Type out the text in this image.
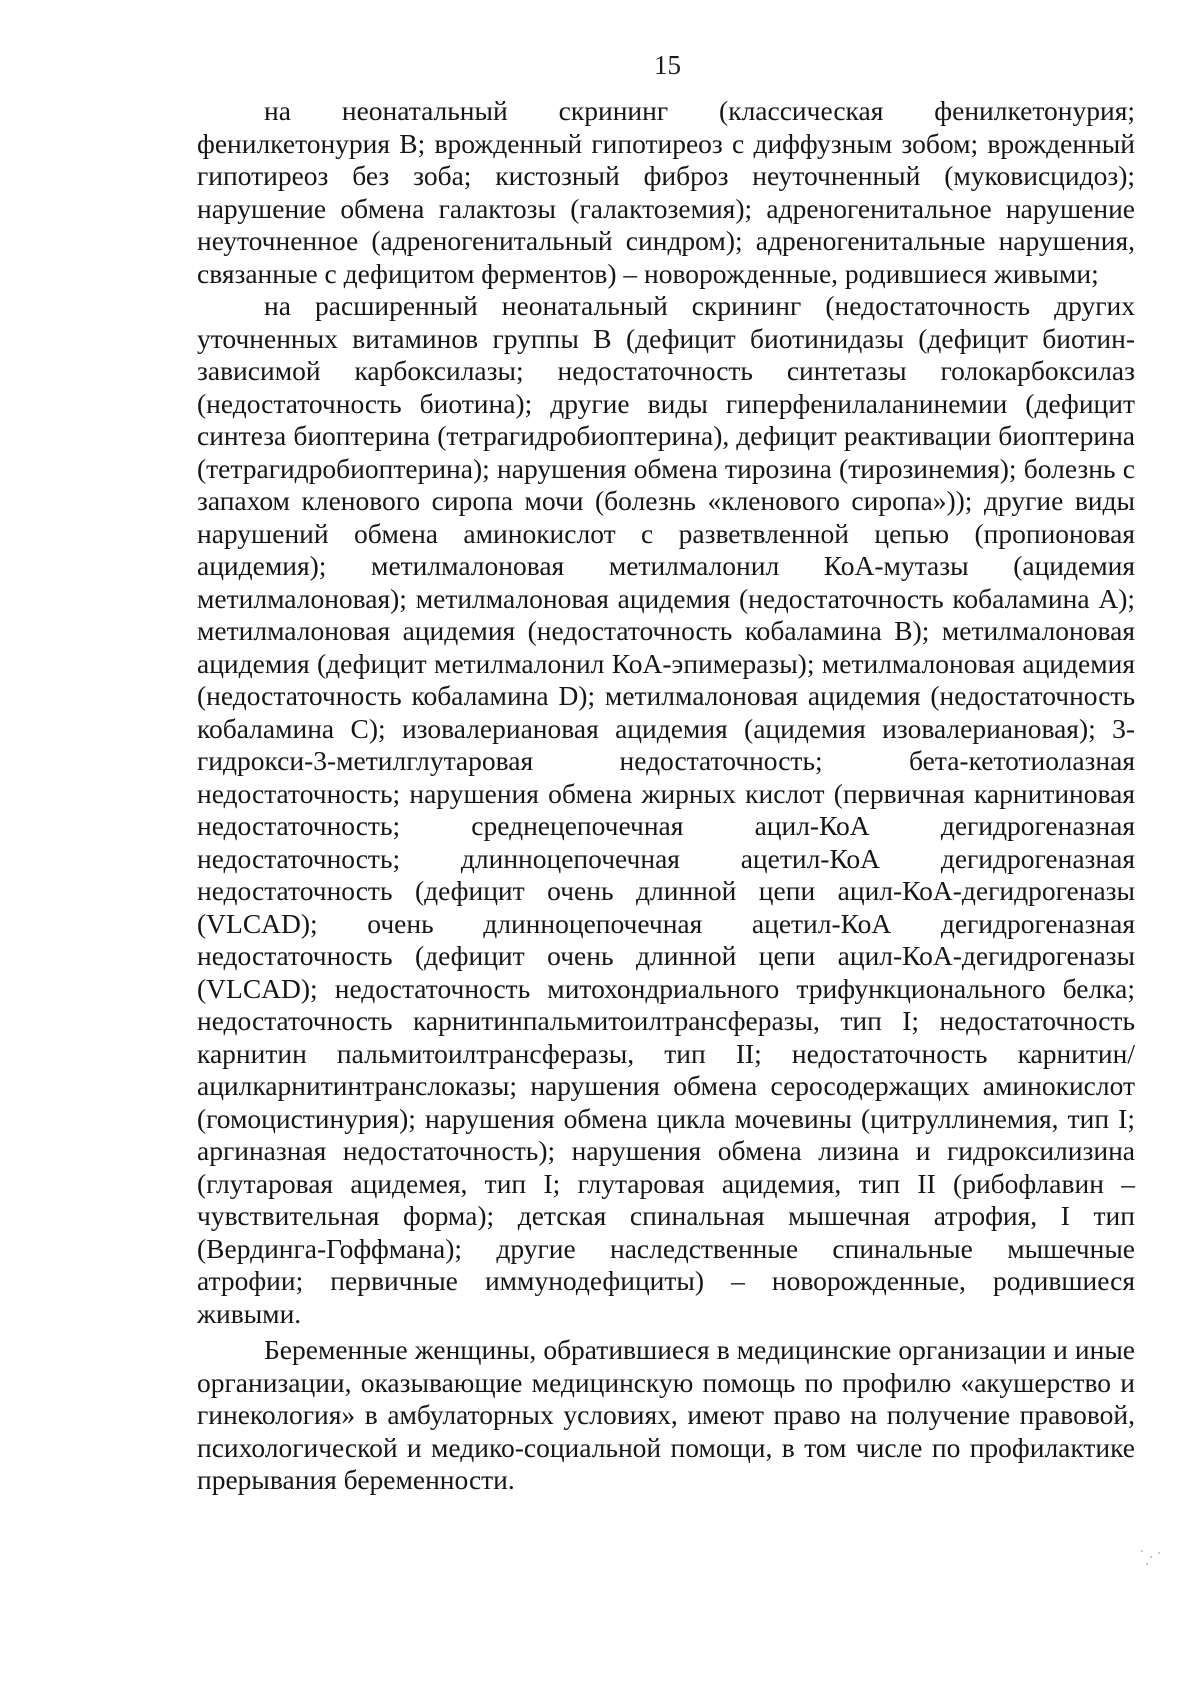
15

на неонатальный скрининг (классическая фенилкетонурия; фенилкетонурия В; врожденный гипотиреоз с диффузным зобом; врожденный гипотиреоз без зоба; кистозный фиброз неуточненный (муковисцидоз); нарушение обмена галактозы (галактоземия); адреногенитальное нарушение неуточненное (адреногенитальный синдром); адреногенитальные нарушения, связанные с дефицитом ферментов) – новорожденные, родившиеся живыми;

на расширенный неонатальный скрининг (недостаточность других уточненных витаминов группы В (дефицит биотинидазы (дефицит биотин-зависимой карбоксилазы; недостаточность синтетазы голокарбоксилаз (недостаточность биотина); другие виды гиперфенилаланинемии (дефицит синтеза биоптерина (тетрагидробиоптерина), дефицит реактивации биоптерина (тетрагидробиоптерина); нарушения обмена тирозина (тирозинемия); болезнь с запахом кленового сиропа мочи (болезнь «кленового сиропа»)); другие виды нарушений обмена аминокислот с разветвленной цепью (пропионовая ацидемия); метилмалоновая метилмалонил КоА-мутазы (ацидемия метилмалоновая); метилмалоновая ацидемия (недостаточность кобаламина А); метилмалоновая ацидемия (недостаточность кобаламина В); метилмалоновая ацидемия (дефицит метилмалонил КоА-эпимеразы); метилмалоновая ацидемия (недостаточность кобаламина D); метилмалоновая ацидемия (недостаточность кобаламина С); изовалериановая ацидемия (ацидемия изовалериановая); 3-гидрокси-3-метилглутаровая недостаточность; бета-кетотиолазная недостаточность; нарушения обмена жирных кислот (первичная карнитиновая недостаточность; среднецепочечная ацил-КоА дегидрогеназная недостаточность; длинноцепочечная ацетил-КоА дегидрогеназная недостаточность (дефицит очень длинной цепи ацил-КоА-дегидрогеназы (VLCAD); очень длинноцепочечная ацетил-КоА дегидрогеназная недостаточность (дефицит очень длинной цепи ацил-КоА-дегидрогеназы (VLCAD); недостаточность митохондриального трифункционального белка; недостаточность карнитинпальмитоилтрансферазы, тип I; недостаточность карнитин пальмитоилтрансферазы, тип II; недостаточность карнитин/ацилкарнитинтранслоказы; нарушения обмена серосодержащих аминокислот (гомоцистинурия); нарушения обмена цикла мочевины (цитруллинемия, тип I; аргиназная недостаточность); нарушения обмена лизина и гидроксилизина (глутаровая ацидемея, тип I; глутаровая ацидемия, тип II (рибофлавин – чувствительная форма); детская спинальная мышечная атрофия, I тип (Вердинга-Гоффмана); другие наследственные спинальные мышечные атрофии; первичные иммунодефициты) – новорожденные, родившиеся живыми.

Беременные женщины, обратившиеся в медицинские организации и иные организации, оказывающие медицинскую помощь по профилю «акушерство и гинекология» в амбулаторных условиях, имеют право на получение правовой, психологической и медико-социальной помощи, в том числе по профилактике прерывания беременности.
